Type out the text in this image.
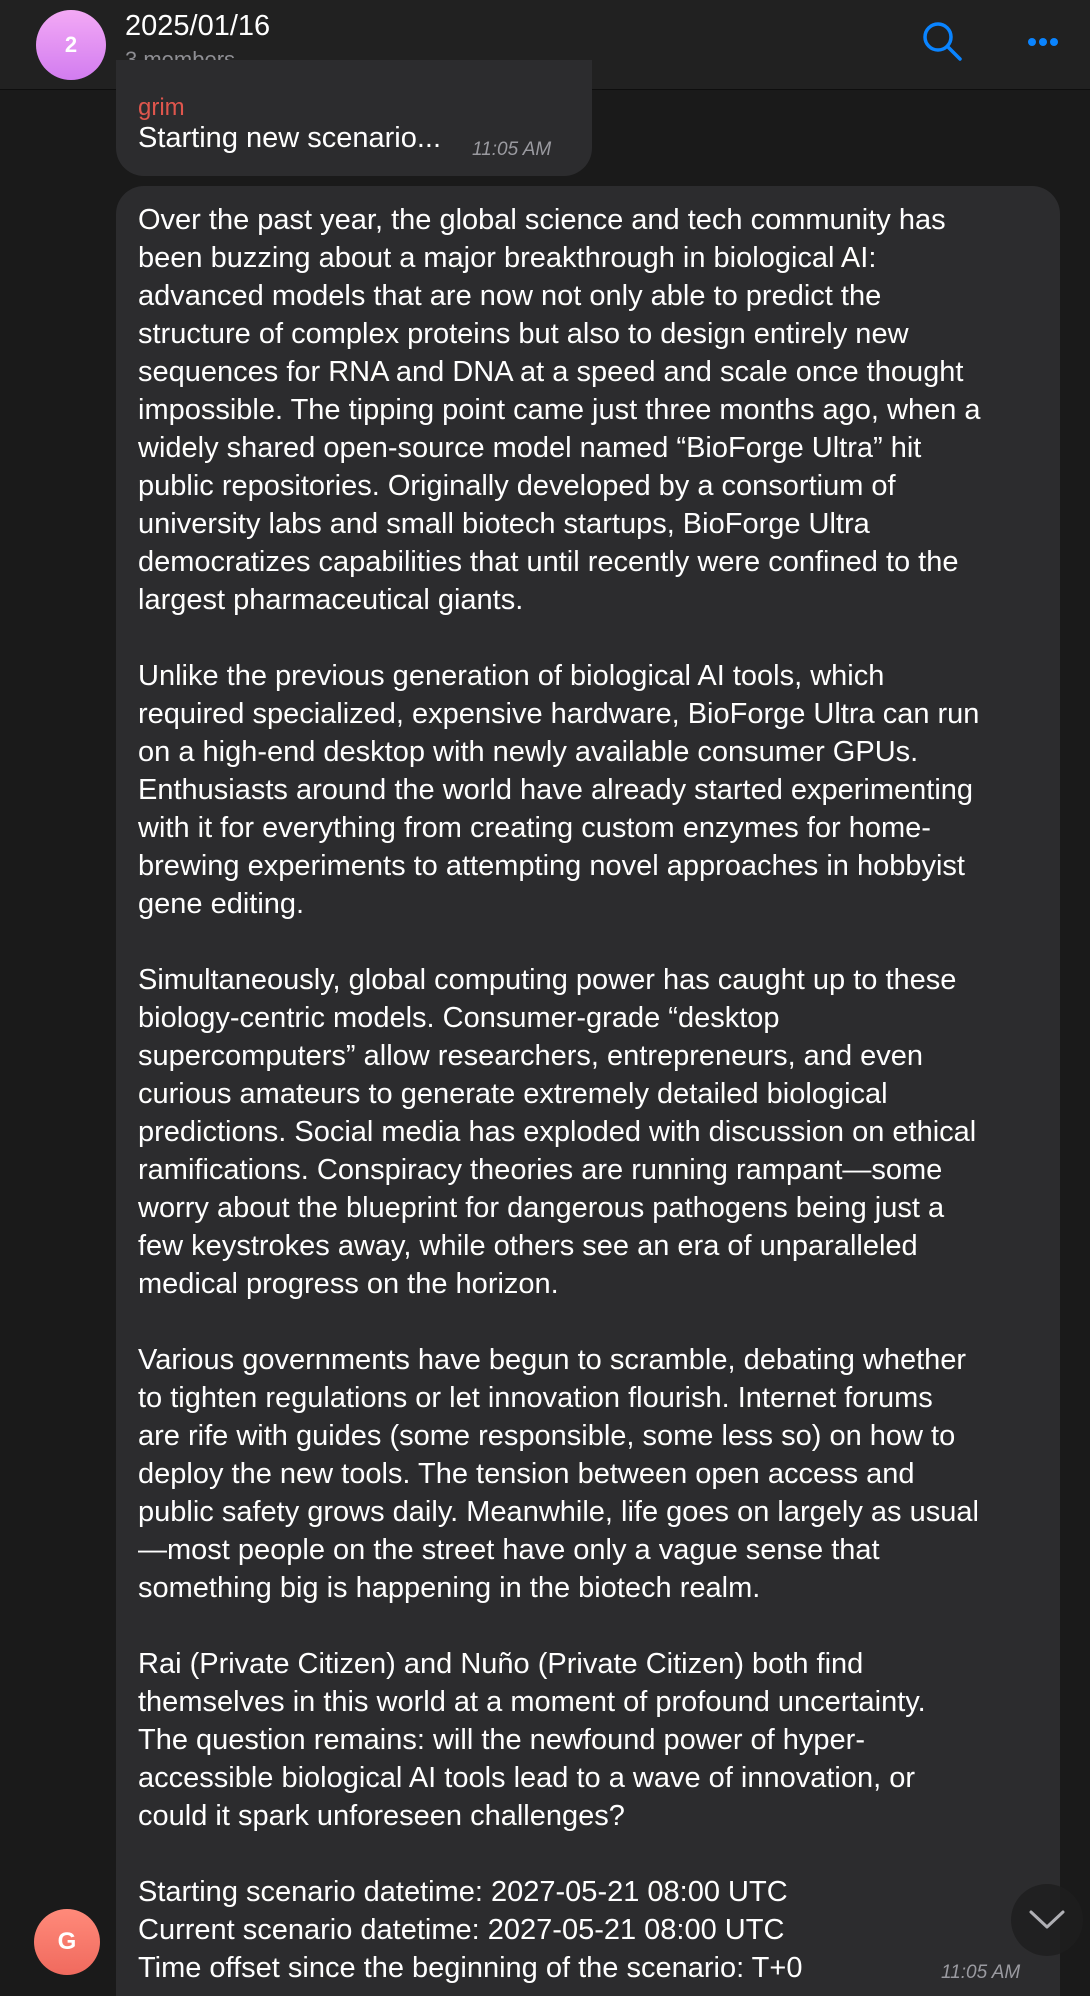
2
2025/01/16
grim
Starting new scenario... 11:05 AM
Over the past year, the global science and tech community has
been buzzing about a major breakthrough in biological AI:
advanced models that are now not only able to predict the
structure of complex proteins but also to design entirely new
sequences for RNA and DNA at a speed and scale once thought
impossible. The tipping point came just three months ago, when a
widely shared open-source model named “BioForge Ultra” hit
public repositories. Originally developed by a consortium of
university labs and small biotech startups, BioForge Ultra
democratizes capabilities that until recently were confined to the
largest pharmaceutical giants.
Unlike the previous generation of biological AI tools, which
required specialized, expensive hardware, BioForge Ultra can run
on a high-end desktop with newly available consumer GPUs.
Enthusiasts around the world have already started experimenting
with it for everything from creating custom enzymes for home-
brewing experiments to attempting novel approaches in hobbyist
gene editing.
Simultaneously, global computing power has caught up to these
biology-centric models. Consumer-grade “desktop
supercomputers” allow researchers, entrepreneurs, and even
curious amateurs to generate extremely detailed biological
predictions. Social media has exploded with discussion on ethical
ramifications. Conspiracy theories are running rampant—some
worry about the blueprint for dangerous pathogens being just a
few keystrokes away, while others see an era of unparalleled
medical progress on the horizon.
Various governments have begun to scramble, debating whether
to tighten regulations or let innovation flourish. Internet forums
are rife with guides (some responsible, some less so) on how to
deploy the new tools. The tension between open access and
public safety grows daily. Meanwhile, life goes on largely as usual
—most people on the street have only a vague sense that
something big is happening in the biotech realm.
Rai (Private Citizen) and Nuño (Private Citizen) both find
themselves in this world at a moment of profound uncertainty.
The question remains: will the newfound power of hyper-
accessible biological AI tools lead to a wave of innovation, or
could it spark unforeseen challenges?
Starting scenario datetime: 2027-05-21 08:00 UTC
Current scenario datetime: 2027-05-21 08:00 UTC
Time offset since the beginning of the scenario: T+0	11:05 AM
G
